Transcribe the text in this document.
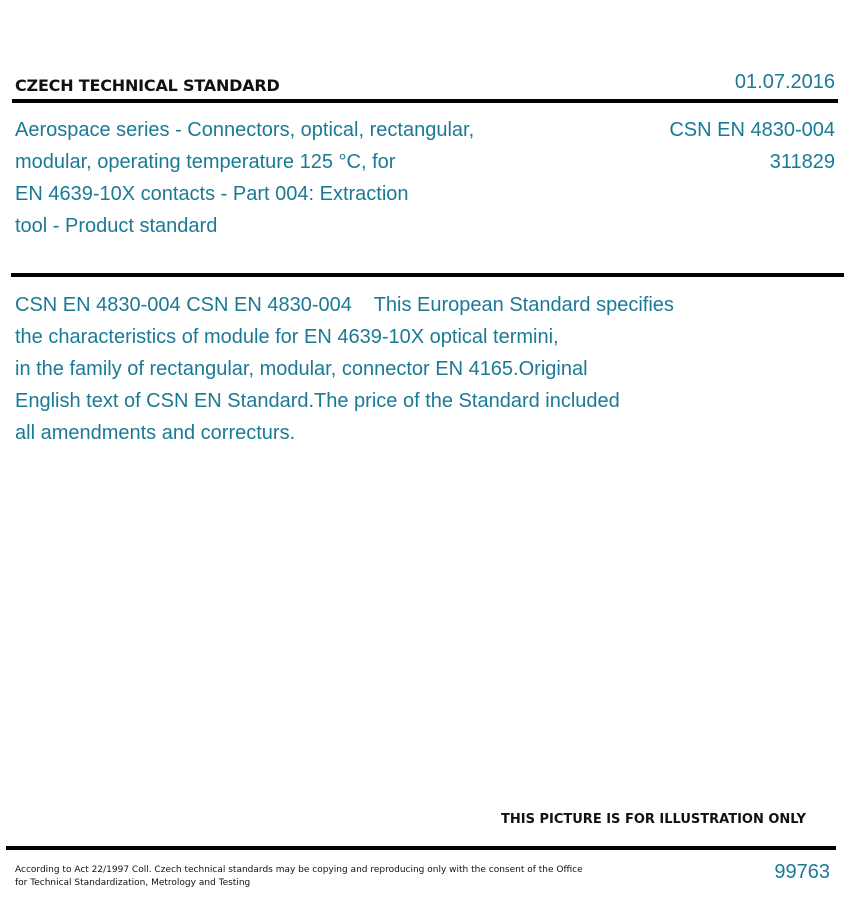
CZECH TECHNICAL STANDARD	01.07.2016
Aerospace series - Connectors, optical, rectangular,
modular, operating temperature 125 °C, for
EN 4639-10X contacts - Part 004: Extraction
tool - Product standard
CSN EN 4830-004
311829
CSN EN 4830-004 CSN EN 4830-004    This European Standard specifies
the characteristics of module for EN 4639-10X optical termini,
in the family of rectangular, modular, connector EN 4165.Original
English text of CSN EN Standard.The price of the Standard included
all amendments and correcturs.
THIS PICTURE IS FOR ILLUSTRATION ONLY
According to Act 22/1997 Coll. Czech technical standards may be copying and reproducing only with the consent of the Office
for Technical Standardization, Metrology and Testing	99763
